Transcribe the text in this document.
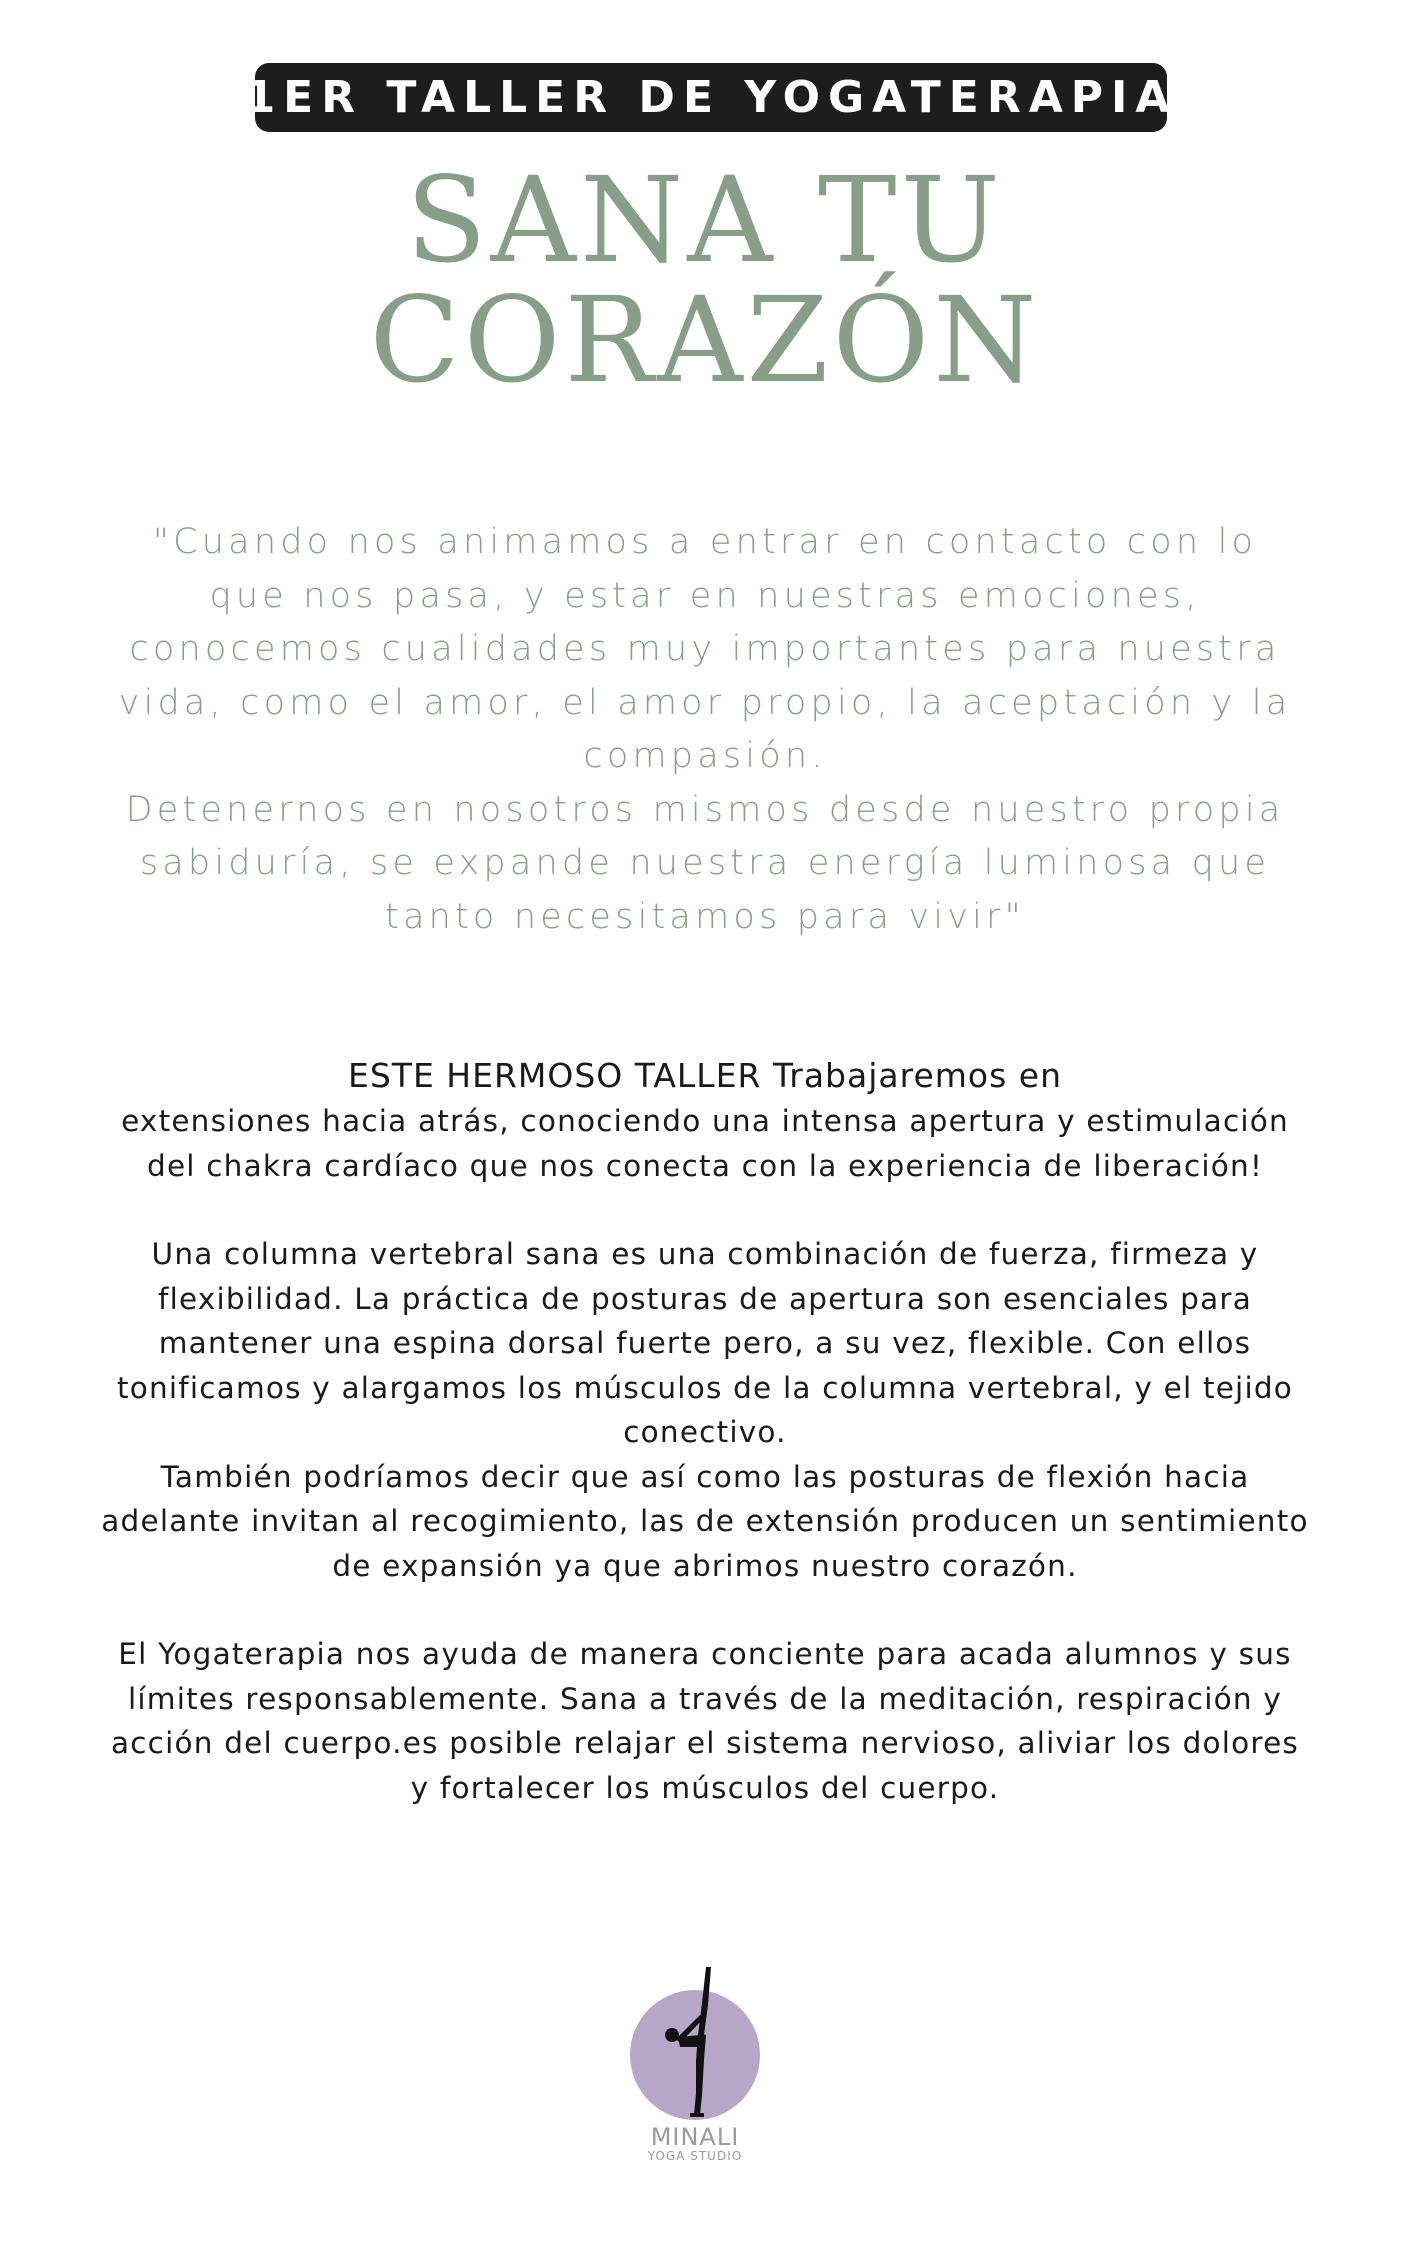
1ER TALLER DE YOGATERAPIA
SANA TU
CORAZÓN

"Cuando nos animamos a entrar en contacto con lo

que nos pasa, y estar en nuestras emociones,

conocemos cualidades muy importantes para nuestra

vida, como el amor, el amor propio, la aceptación y la

compasión.

Detenernos en nosotros mismos desde nuestro propia

sabiduría, se expande nuestra energía luminosa que

tanto necesitamos para vivir"

ESTE HERMOSO TALLER Trabajaremos en

extensiones hacia atrás, conociendo una intensa apertura y estimulación

del chakra cardíaco que nos conecta con la experiencia de liberación!

Una columna vertebral sana es una combinación de fuerza, firmeza y

flexibilidad. La práctica de posturas de apertura son esenciales para

mantener una espina dorsal fuerte pero, a su vez, flexible. Con ellos

tonificamos y alargamos los músculos de la columna vertebral, y el tejido

conectivo.

También podríamos decir que así como las posturas de flexión hacia

adelante invitan al recogimiento, las de extensión producen un sentimiento

de expansión ya que abrimos nuestro corazón.

El Yogaterapia nos ayuda de manera conciente para acada alumnos y sus

límites responsablemente. Sana a través de la meditación, respiración y

acción del cuerpo.es posible relajar el sistema nervioso, aliviar los dolores

y fortalecer los músculos del cuerpo.

MINALI
YOGA STUDIO
